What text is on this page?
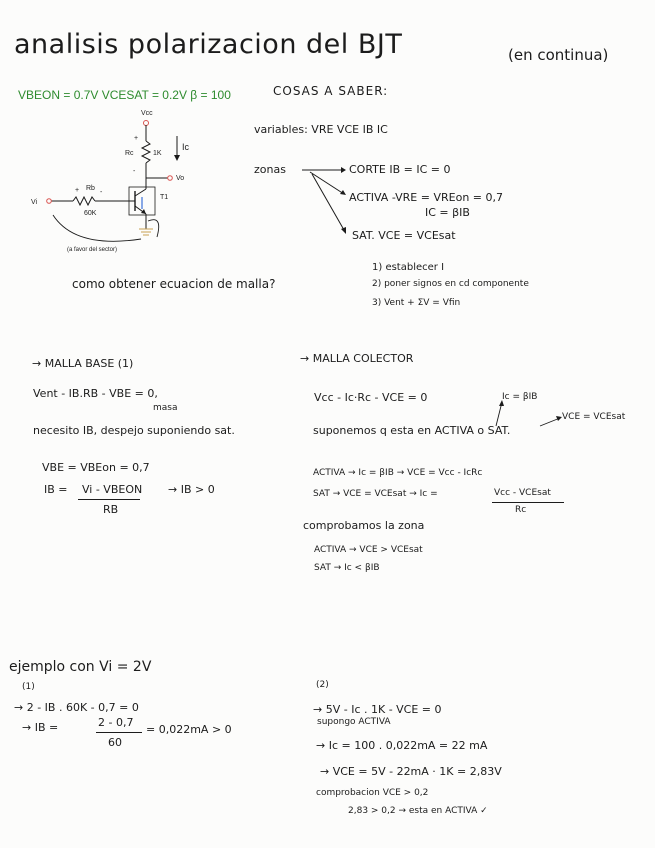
analisis polarizacion del BJT	(en continua)
VBEON = 0.7V VCESAT = 0.2V β = 100
+	-
+
-
Vcc
Rc	1K
Ic
Vo
Rb
60K
Vi
T1
(a favor del sector)
COSAS A SABER:
variables: VRE VCE IB IC
zonas	CORTE IB = IC = 0
ACTIVA -VRE = VREon = 0,7
IC = βIB
SAT. VCE = VCEsat
como obtener ecuacion de malla?
1) establecer I
2) poner signos en cd componente
3) Vent + ΣV = Vfin
→ MALLA BASE (1)
Vent - IB.RB - VBE = 0,
masa
necesito IB, despejo suponiendo sat.
VBE = VBEon = 0,7
IB = Vi - VBEON → IB > 0
RB
→ MALLA COLECTOR
Vcc - Ic·Rc - VCE = 0	Ic = βIB
VCE = VCEsat
suponemos q esta en ACTIVA o SAT.
ACTIVA → Ic = βIB → VCE = Vcc - IcRc
SAT → VCE = VCEsat → Ic =	Vcc - VCEsat
Rc
comprobamos la zona
ACTIVA → VCE > VCEsat
SAT → Ic < βIB
ejemplo con Vi = 2V
(1)
→ 2 - IB . 60K - 0,7 = 0
→ IB =	2 - 0,7
60
= 0,022mA > 0
(2)
→ 5V - Ic . 1K - VCE = 0
supongo ACTIVA
→ Ic = 100 . 0,022mA = 22 mA
→ VCE = 5V - 22mA · 1K = 2,83V
comprobacion VCE > 0,2
2,83 > 0,2 → esta en ACTIVA ✓
